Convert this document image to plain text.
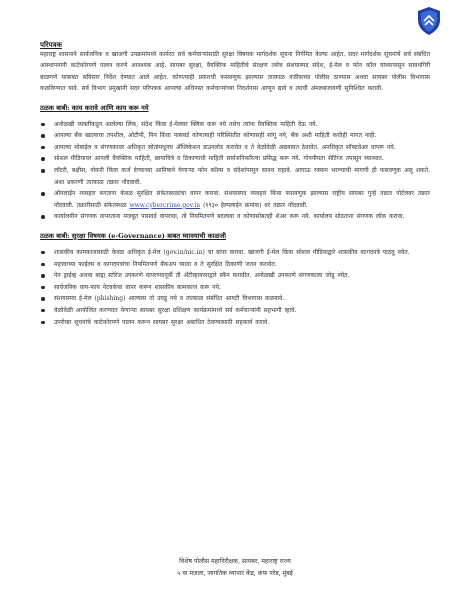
परिपत्रक

महाराष्ट्र शासनाने सार्वजनिक व खाजगी उपक्रमांमध्ये कार्यरत सर्व कर्मचाऱ्यांसाठी सुरक्षा विषयक मार्गदर्शक सूचना निर्गमित केल्या आहेत. सदर मार्गदर्शक सूचनांचे सर्व संबंधित आस्थापनांनी काटेकोरपणे पालन करणे आवश्यक आहे. सायबर सुरक्षा, वैयक्तिक माहितीचे संरक्षण तसेच संशयास्पद संदेश, ई-मेल व फोन कॉल यांच्यापासून सावधगिरी बाळगणे याबाबत सविस्तर निर्देश देण्यात आले आहेत. कोणत्याही प्रकारची फसवणूक झाल्यास तात्काळ नजीकच्या पोलीस ठाण्यास अथवा सायबर पोलीस विभागास कळविण्यात यावे. सर्व विभाग प्रमुखांनी सदर परिपत्रक आपल्या अधिनस्त कर्मचाऱ्यांच्या निदर्शनास आणून द्यावे व त्याची अंमलबजावणी सुनिश्चित करावी.

ठळक बाबी: काय करावे आणि काय करू नये

अनोळखी व्यक्तींकडून आलेल्या लिंक, संदेश किंवा ई-मेलवर क्लिक करू नये तसेच त्यांना वैयक्तिक माहिती देऊ नये.
आपल्या बँक खात्याचा तपशील, ओटीपी, पिन किंवा पासवर्ड कोणत्याही परिस्थितीत कोणासही सांगू नये, बँक अशी माहिती कधीही मागत नाही.
आपल्या मोबाईल व संगणकावर अधिकृत स्रोतांमधूनच ॲप्लिकेशन डाउनलोड करावेत व ते वेळोवेळी अद्ययावत ठेवावेत. अनधिकृत सॉफ्टवेअर वापरू नये.
सोशल मीडियावर आपली वैयक्तिक माहिती, छायाचित्रे व ठिकाणाची माहिती सार्वजनिकरित्या प्रसिद्ध करू नये. गोपनीयता सेटिंग्ज तपासून घ्याव्यात.
लॉटरी, बक्षीस, नोकरी किंवा कर्ज देण्याच्या आमिषाने येणाऱ्या फोन कॉल्स व संदेशांपासून सावध राहावे. आगाऊ रक्कम भरण्याची मागणी ही फसवणूक असू शकते. अशा प्रकरणी तात्काळ तक्रार नोंदवावी.
ऑनलाईन व्यवहार करताना केवळ सुरक्षित संकेतस्थळांचा वापर करावा. संशयास्पद व्यवहार किंवा फसवणूक झाल्यास राष्ट्रीय सायबर गुन्हे तक्रार पोर्टलवर तक्रार नोंदवावी. तक्रारीसाठी संकेतस्थळ www.cybercrime.gov.in (१९३० हेल्पलाईन क्रमांक) वर तक्रार नोंदवावी.
कार्यालयीन संगणक वापरताना मजबूत पासवर्ड वापरावा, तो नियमितपणे बदलावा व कोणासोबतही शेअर करू नये. कार्यालय सोडताना संगणक लॉक करावा.

ठळक बाबी: सुरक्षा विषयक (e-Governance) बाबत घ्यावयाची काळजी

शासकीय कामकाजासाठी केवळ अधिकृत ई-मेल (gov.in/nic.in) चा वापर करावा. खाजगी ई-मेल किंवा सोशल मीडियाद्वारे शासकीय कागदपत्रे पाठवू नयेत.
महत्त्वाच्या फाईल्स व कागदपत्रांचा नियमितपणे बॅकअप घ्यावा व ते सुरक्षित ठिकाणी जतन करावेत.
पेन ड्राईव्ह अथवा बाह्य स्टोरेज उपकरणे वापरण्यापूर्वी ती अँटीव्हायरसद्वारे स्कॅन करावीत. अनोळखी उपकरणे संगणकाला जोडू नयेत.
सार्वजनिक वाय-फाय नेटवर्कचा वापर करून शासकीय कामकाज करू नये.
संशयास्पद ई-मेल (phishing) आल्यास तो उघडू नये व तात्काळ संबंधित आयटी विभागास कळवावे.
वेळोवेळी आयोजित करण्यात येणाऱ्या सायबर सुरक्षा प्रशिक्षण कार्यक्रमांमध्ये सर्व कर्मचाऱ्यांनी सहभागी व्हावे.
उपरोक्त सूचनांचे काटेकोरपणे पालन करून सायबर सुरक्षा अबाधित ठेवण्यासाठी सहकार्य करावे.
विशेष पोलीस महानिरीक्षक, सायबर, महाराष्ट्र राज्य
५ वा मजला, जागतिक व्यापार केंद्र, कफ परेड, मुंबई
